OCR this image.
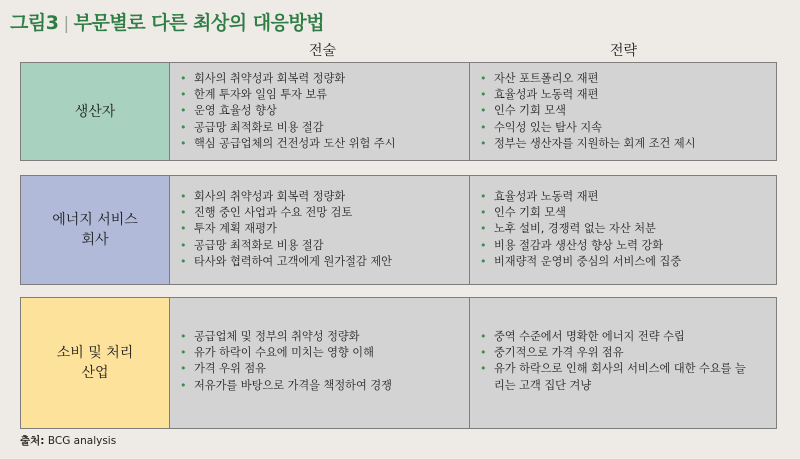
그림3 | 부문별로 다른 최상의 대응방법
전술	전략
생산자
• 회사의 취약성과 회복력 정량화
• 한계 투자와 일임 투자 보류
• 운영 효율성 향상
• 공급망 최적화로 비용 절감
• 핵심 공급업체의 건전성과 도산 위험 주시
• 자산 포트폴리오 재편
• 효율성과 노동력 재편
• 인수 기회 모색
• 수익성 있는 탐사 지속
• 정부는 생산자를 지원하는 회계 조건 제시
에너지 서비스 회사
• 회사의 취약성과 회복력 정량화
• 진행 중인 사업과 수요 전망 검토
• 투자 계획 재평가
• 공급망 최적화로 비용 절감
• 타사와 협력하여 고객에게 원가절감 제안
• 효율성과 노동력 재편
• 인수 기회 모색
• 노후 설비, 경쟁력 없는 자산 처분
• 비용 절감과 생산성 향상 노력 강화
• 비재량적 운영비 중심의 서비스에 집중
소비 및 처리 산업
• 공급업체 및 정부의 취약성 정량화
• 유가 하락이 수요에 미치는 영향 이해
• 가격 우위 점유
• 저유가를 바탕으로 가격을 책정하여 경쟁
• 중역 수준에서 명확한 에너지 전략 수립
• 중기적으로 가격 우위 점유
• 유가 하락으로 인해 회사의 서비스에 대한 수요를 늘리는 고객 집단 겨냥
출처: BCG analysis
